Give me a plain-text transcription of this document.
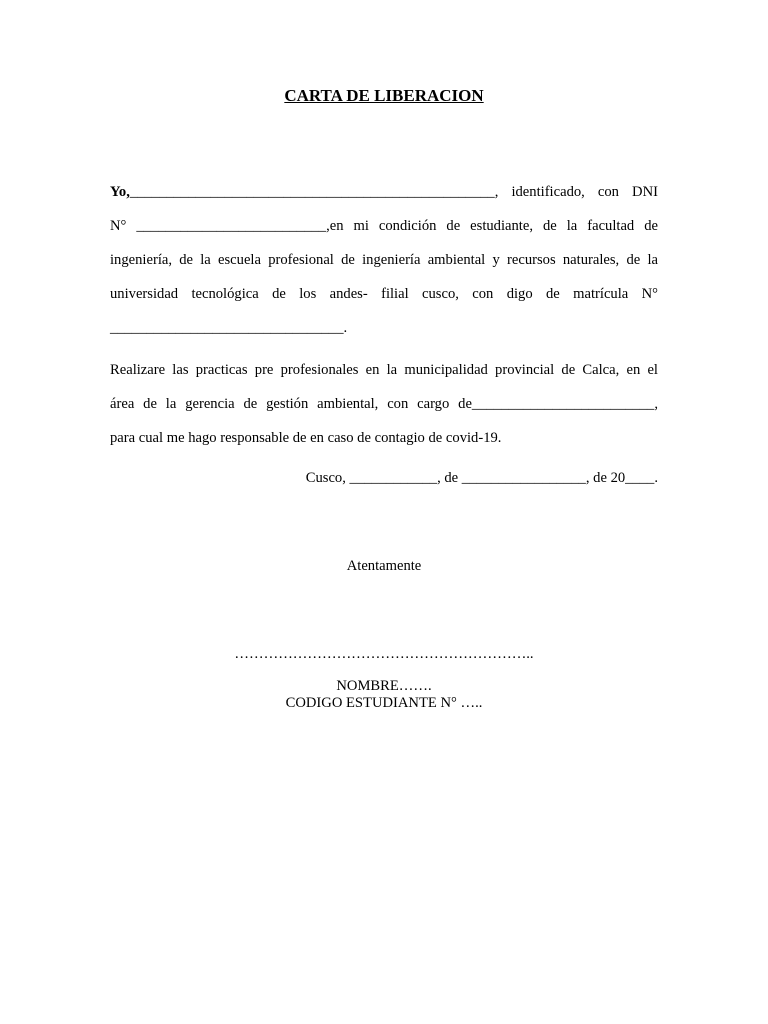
CARTA DE LIBERACION
Yo,__________________________________________________, identificado, con DNI
N° __________________________,en mi condición de estudiante, de la facultad de
ingeniería, de la escuela profesional de ingeniería ambiental y recursos naturales, de la
universidad tecnológica de los andes- filial cusco, con digo de matrícula N°
________________________________.
Realizare las practicas pre profesionales en la municipalidad provincial de Calca, en el
área de la gerencia de gestión ambiental, con cargo de_________________________,
para cual me hago responsable de en caso de contagio de covid-19.
Cusco, ____________, de _________________, de 20____.
Atentamente
……………………………………………………..
NOMBRE…….
CODIGO ESTUDIANTE N° …..
